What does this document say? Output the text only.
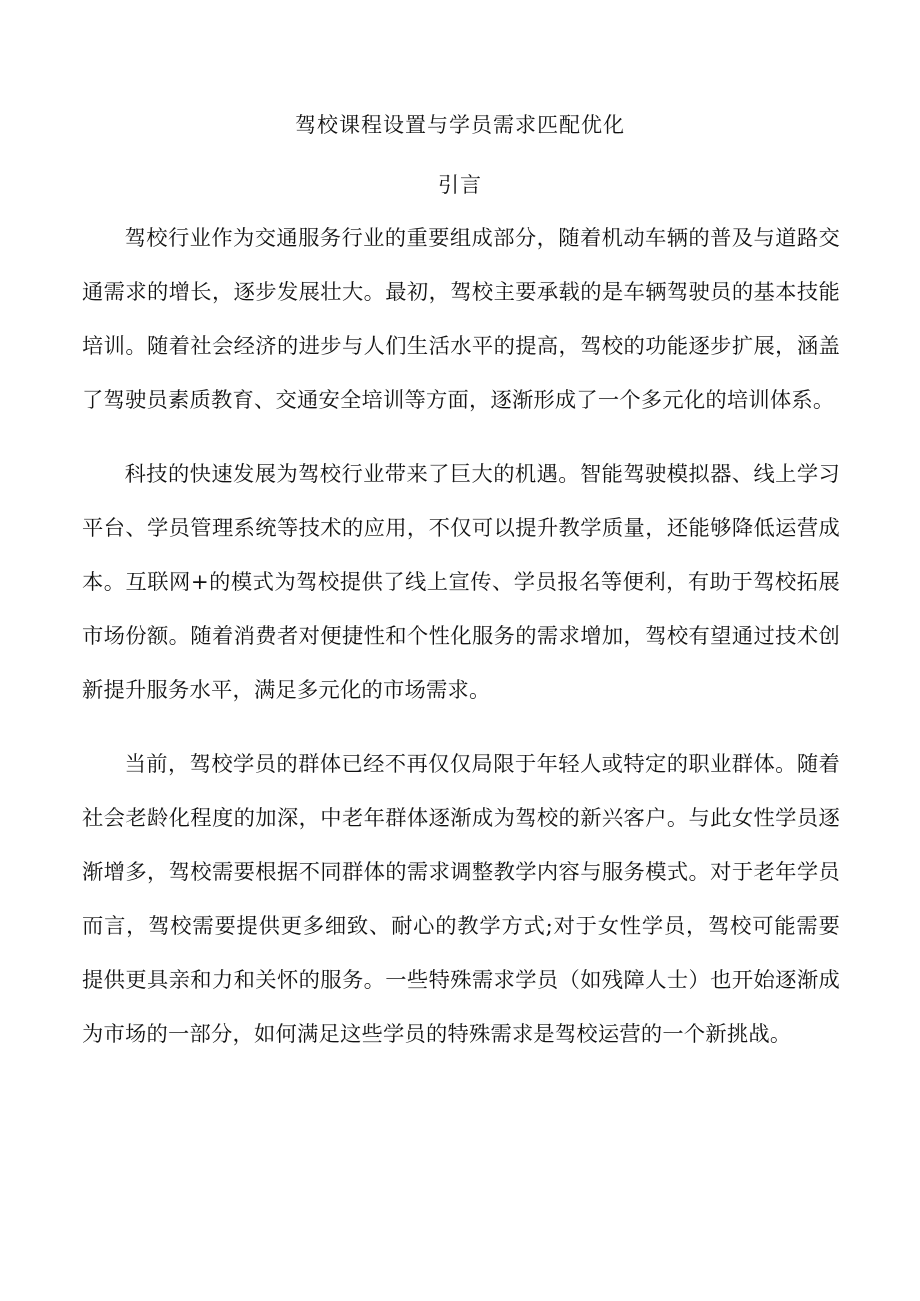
驾校课程设置与学员需求匹配优化
引言

驾校行业作为交通服务行业的重要组成部分，随着机动车辆的普及与道路交通需求的增长，逐步发展壮大。最初，驾校主要承载的是车辆驾驶员的基本技能培训。随着社会经济的进步与人们生活水平的提高，驾校的功能逐步扩展，涵盖了驾驶员素质教育、交通安全培训等方面，逐渐形成了一个多元化的培训体系。

科技的快速发展为驾校行业带来了巨大的机遇。智能驾驶模拟器、线上学习平台、学员管理系统等技术的应用，不仅可以提升教学质量，还能够降低运营成本。互联网+的模式为驾校提供了线上宣传、学员报名等便利，有助于驾校拓展市场份额。随着消费者对便捷性和个性化服务的需求增加，驾校有望通过技术创新提升服务水平，满足多元化的市场需求。

当前，驾校学员的群体已经不再仅仅局限于年轻人或特定的职业群体。随着社会老龄化程度的加深，中老年群体逐渐成为驾校的新兴客户。与此女性学员逐渐增多，驾校需要根据不同群体的需求调整教学内容与服务模式。对于老年学员而言，驾校需要提供更多细致、耐心的教学方式;对于女性学员，驾校可能需要提供更具亲和力和关怀的服务。一些特殊需求学员（如残障人士）也开始逐渐成为市场的一部分，如何满足这些学员的特殊需求是驾校运营的一个新挑战。
